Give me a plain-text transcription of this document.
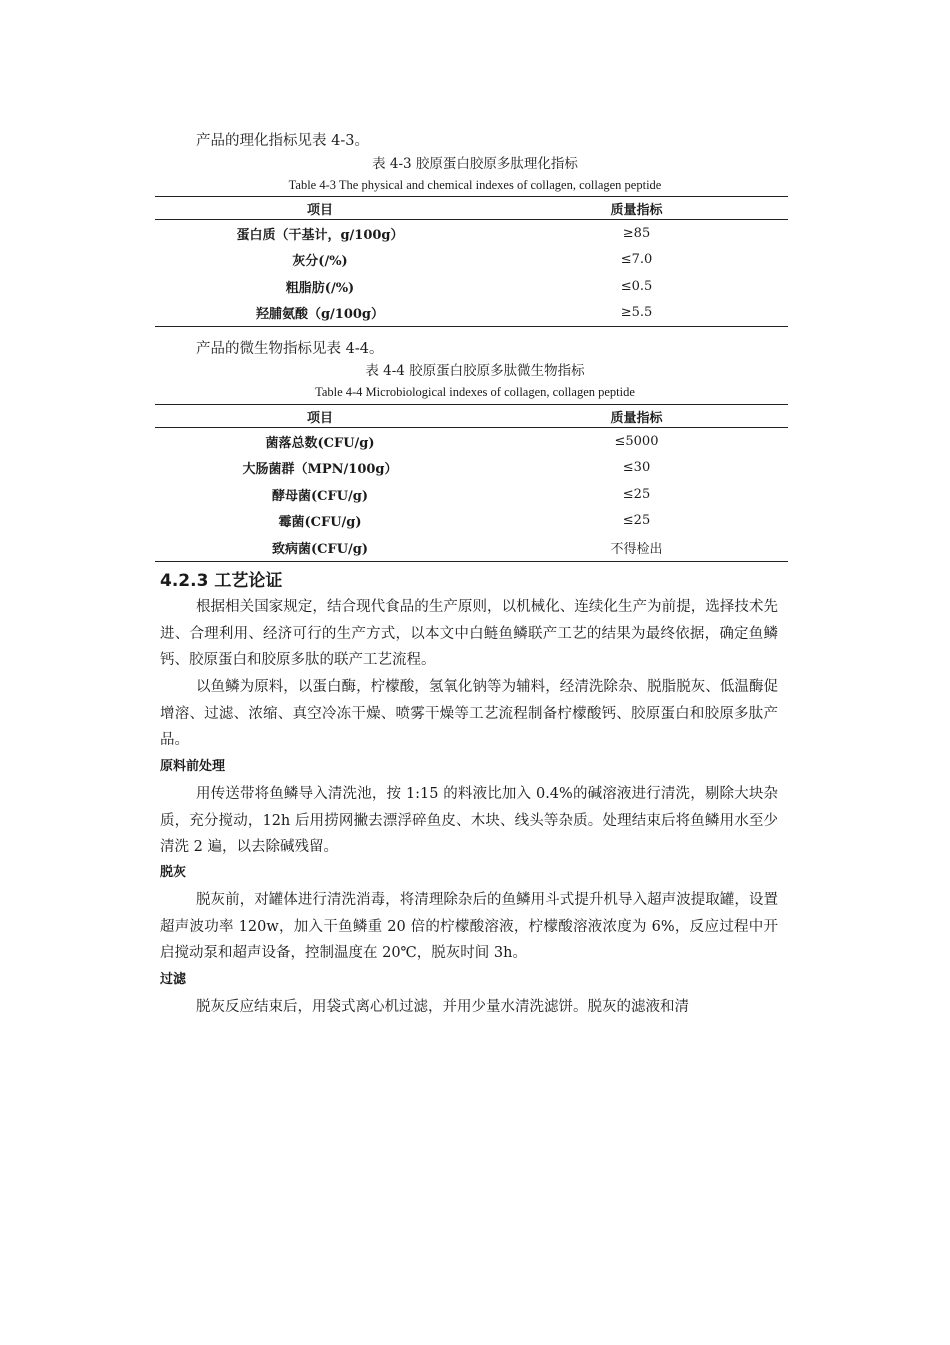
产品的理化指标见表 4-3。
表 4-3 胶原蛋白胶原多肽理化指标
Table 4-3 The physical and chemical indexes of collagen, collagen peptide
项目	质量指标
蛋白质（干基计，g/100g）	≥85
灰分(/%)	≤7.0
粗脂肪(/%)	≤0.5
羟脯氨酸（g/100g）	≥5.5
产品的微生物指标见表 4-4。
表 4-4 胶原蛋白胶原多肽微生物指标
Table 4-4 Microbiological indexes of collagen, collagen peptide
项目	质量指标
菌落总数(CFU/g)	≤5000
大肠菌群（MPN/100g）	≤30
酵母菌(CFU/g)	≤25
霉菌(CFU/g)	≤25
致病菌(CFU/g)	不得检出
4.2.3 工艺论证
根据相关国家规定，结合现代食品的生产原则，以机械化、连续化生产为前提，选择技术先进、合理利用、经济可行的生产方式，以本文中白鲢鱼鳞联产工艺的结果为最终依据，确定鱼鳞钙、胶原蛋白和胶原多肽的联产工艺流程。
以鱼鳞为原料，以蛋白酶，柠檬酸，氢氧化钠等为辅料，经清洗除杂、脱脂脱灰、低温酶促增溶、过滤、浓缩、真空冷冻干燥、喷雾干燥等工艺流程制备柠檬酸钙、胶原蛋白和胶原多肽产品。
原料前处理
用传送带将鱼鳞导入清洗池，按 1:15 的料液比加入 0.4%的碱溶液进行清洗，剔除大块杂质，充分搅动，12h 后用捞网撇去漂浮碎鱼皮、木块、线头等杂质。处理结束后将鱼鳞用水至少清洗 2 遍，以去除碱残留。
脱灰
脱灰前，对罐体进行清洗消毒，将清理除杂后的鱼鳞用斗式提升机导入超声波提取罐，设置超声波功率 120w，加入干鱼鳞重 20 倍的柠檬酸溶液，柠檬酸溶液浓度为 6%，反应过程中开启搅动泵和超声设备，控制温度在 20℃，脱灰时间 3h。
过滤
脱灰反应结束后，用袋式离心机过滤，并用少量水清洗滤饼。脱灰的滤液和清
